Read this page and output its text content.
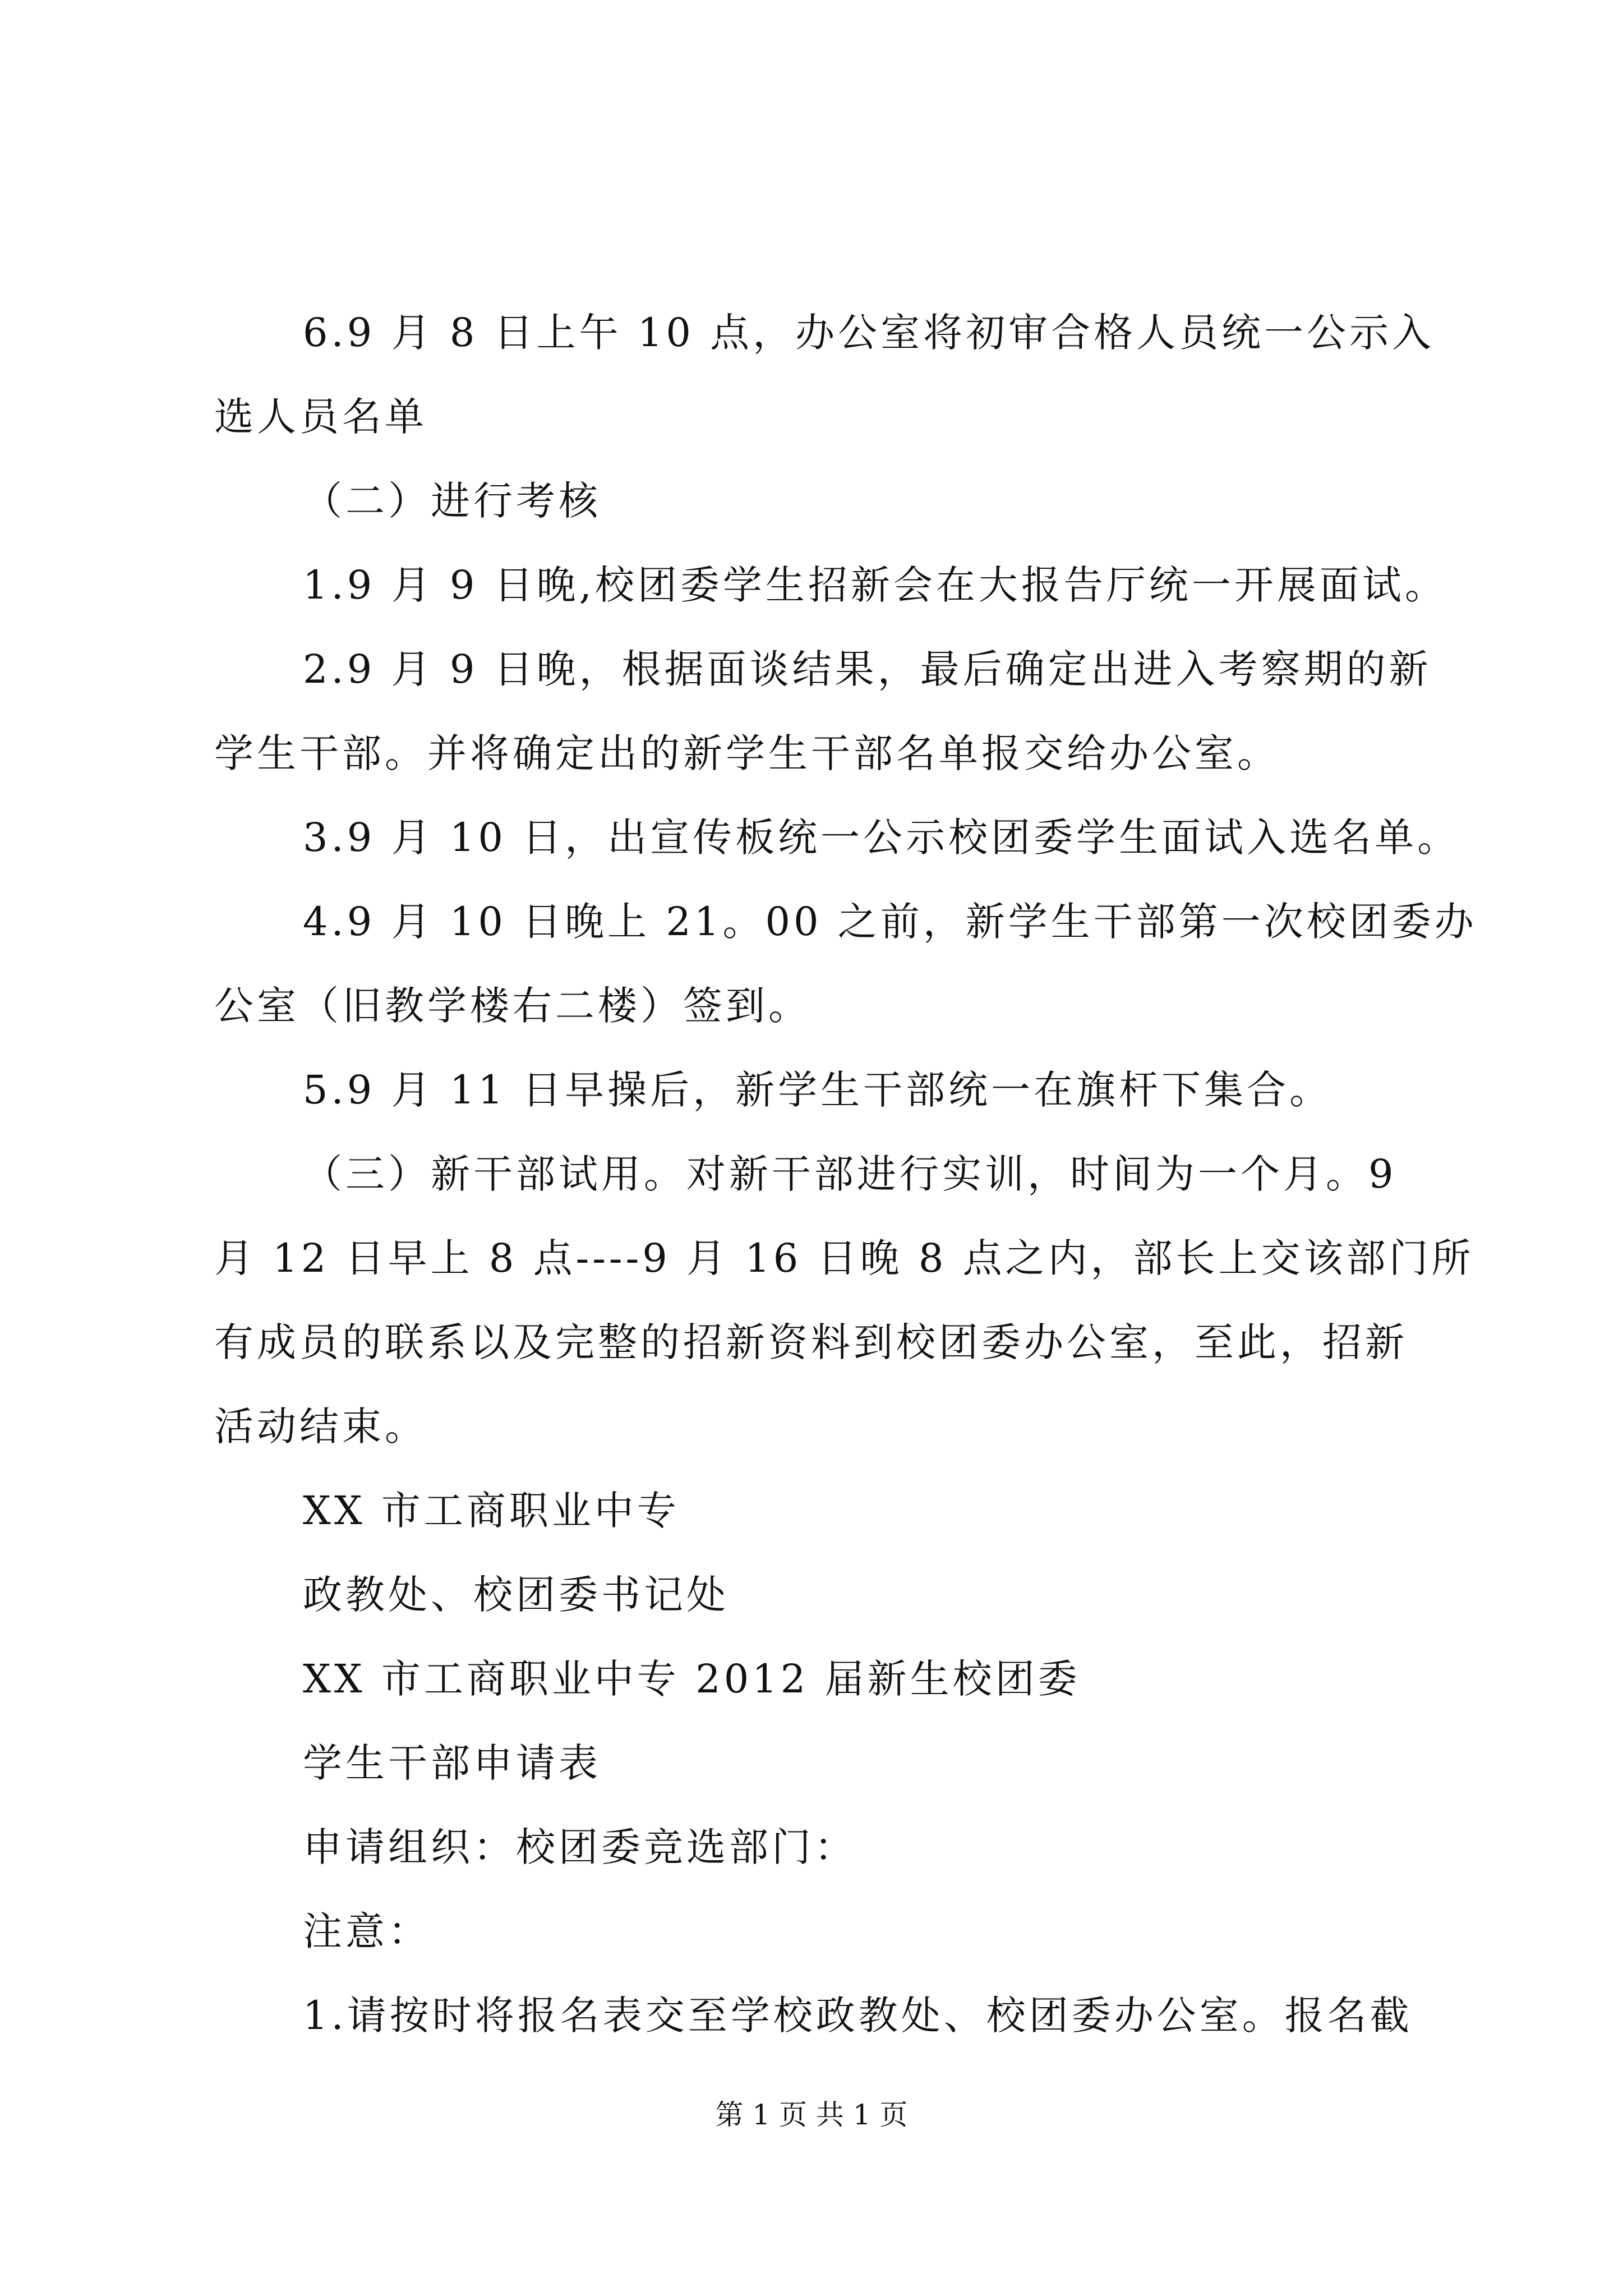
6.9 月 8 日上午 10 点，办公室将初审合格人员统一公示入

选人员名单

（二）进行考核

1.9 月 9 日晚,校团委学生招新会在大报告厅统一开展面试。

2.9 月 9 日晚，根据面谈结果，最后确定出进入考察期的新

学生干部。并将确定出的新学生干部名单报交给办公室。

3.9 月 10 日，出宣传板统一公示校团委学生面试入选名单。

4.9 月 10 日晚上 21。00 之前，新学生干部第一次校团委办

公室（旧教学楼右二楼）签到。

5.9 月 11 日早操后，新学生干部统一在旗杆下集合。

（三）新干部试用。对新干部进行实训，时间为一个月。9

月 12 日早上 8 点----9 月 16 日晚 8 点之内，部长上交该部门所

有成员的联系以及完整的招新资料到校团委办公室，至此，招新

活动结束。

XX 市工商职业中专

政教处、校团委书记处

XX 市工商职业中专 2012 届新生校团委

学生干部申请表

申请组织：校团委竞选部门：

注意：

1.请按时将报名表交至学校政教处、校团委办公室。报名截

第 1 页 共 1 页
